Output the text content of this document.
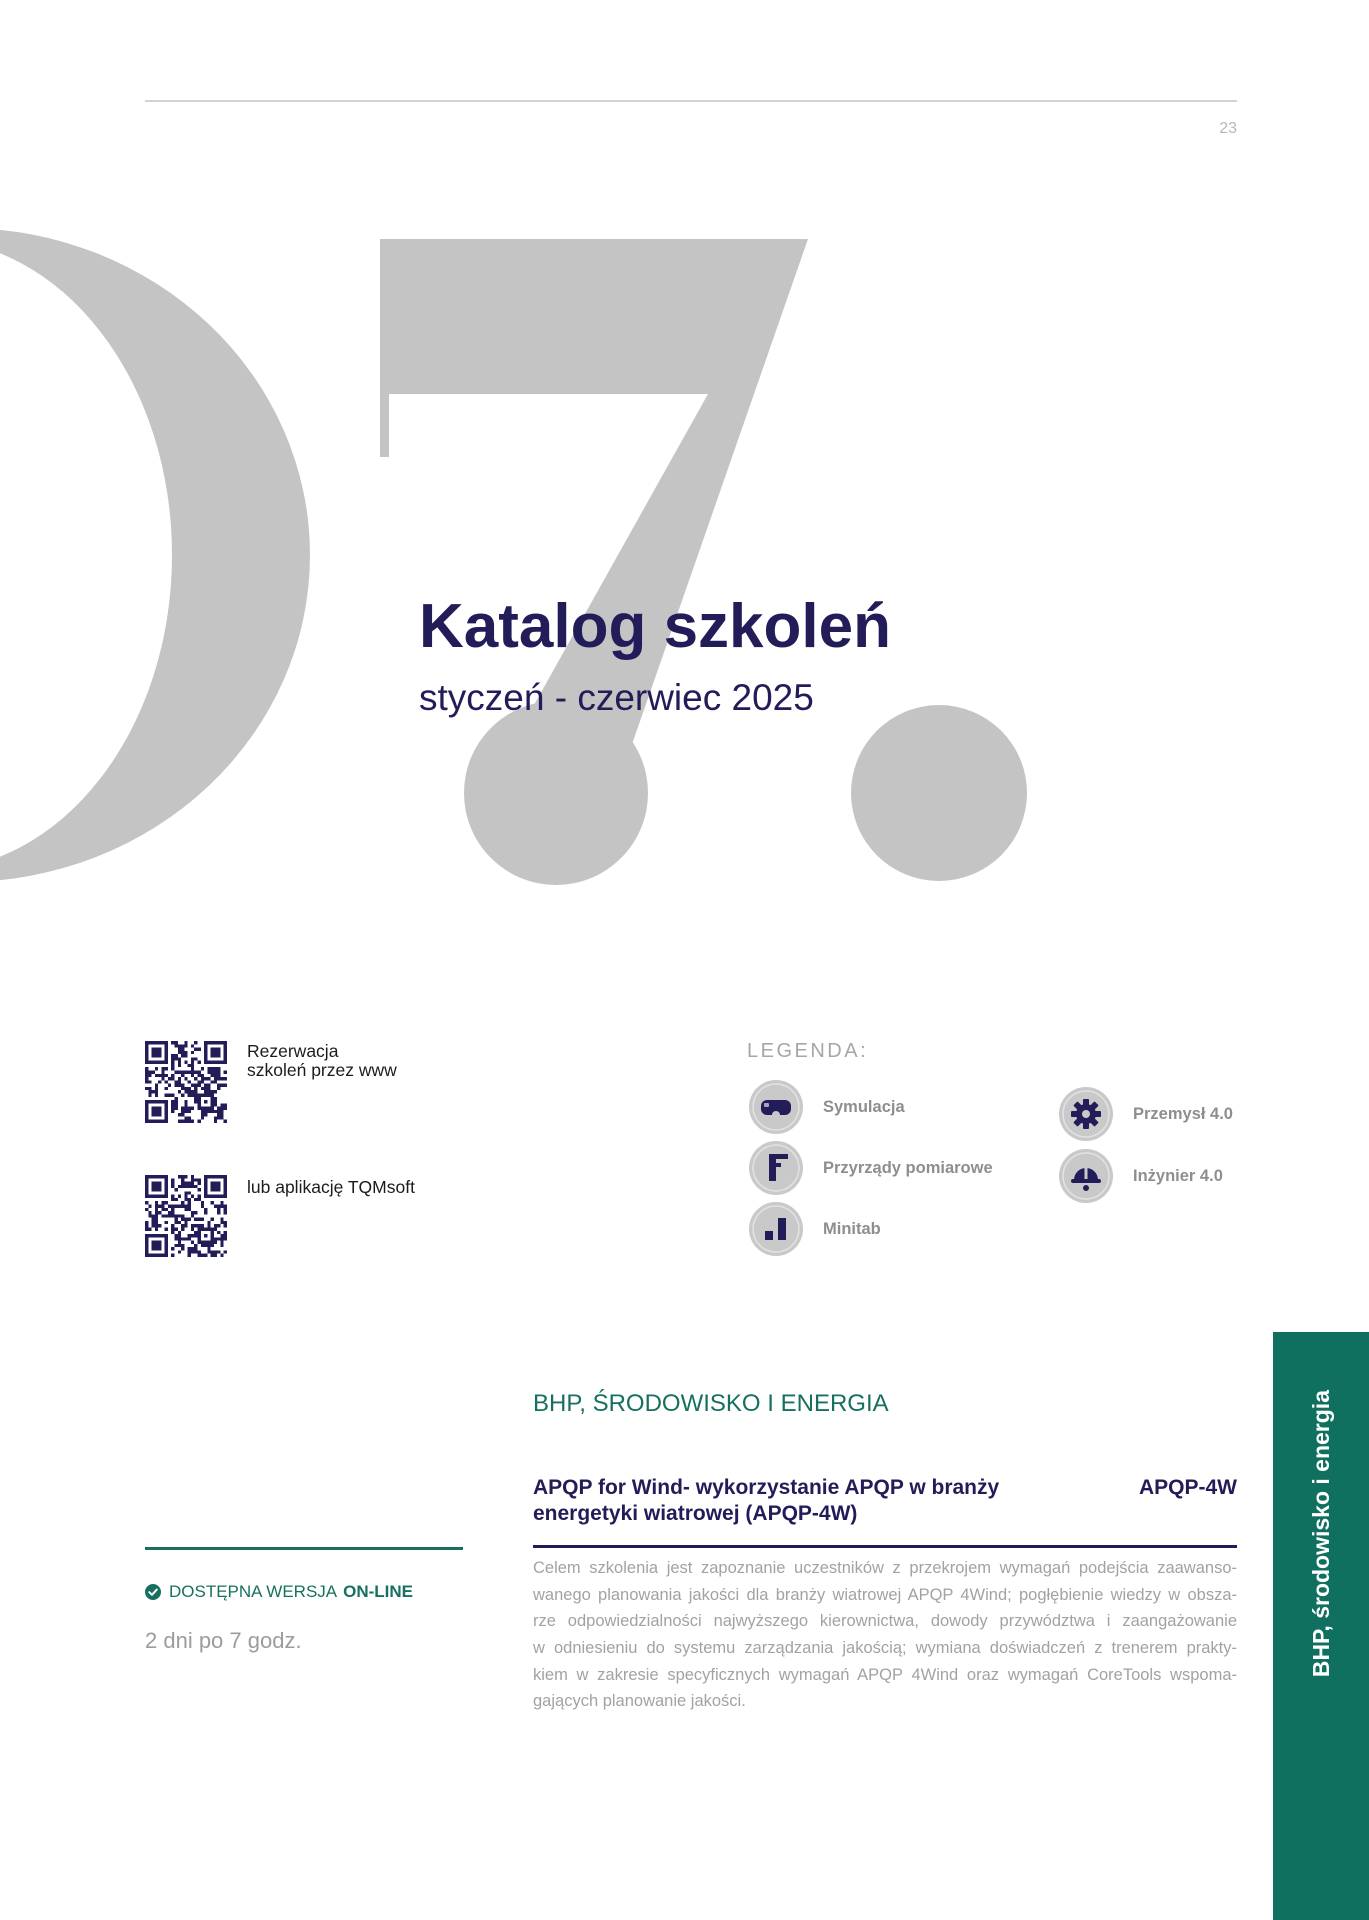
23
Katalog szkoleń
styczeń - czerwiec 2025
Rezerwacja
szkoleń przez www
lub aplikację TQMsoft
LEGENDA:
Symulacja
Przyrządy pomiarowe
Minitab
Przemysł 4.0
Inżynier 4.0
BHP, środowisko i energia
BHP, ŚRODOWISKO I ENERGIA
APQP for Wind- wykorzystanie APQP w branży energetyki wiatrowej (APQP-4W)
APQP-4W
DOSTĘPNA WERSJA ON-LINE
2 dni po 7 godz.
Celem szkolenia jest zapoznanie uczestników z przekrojem wymagań podejścia zaawanso-
wanego planowania jakości dla branży wiatrowej APQP 4Wind; pogłębienie wiedzy w obsza-
rze odpowiedzialności najwyższego kierownictwa, dowody przywództwa i zaangażowanie
w odniesieniu do systemu zarządzania jakością; wymiana doświadczeń z trenerem prakty-
kiem w zakresie specyficznych wymagań APQP 4Wind oraz wymagań CoreTools wspoma-
gających planowanie jakości.
